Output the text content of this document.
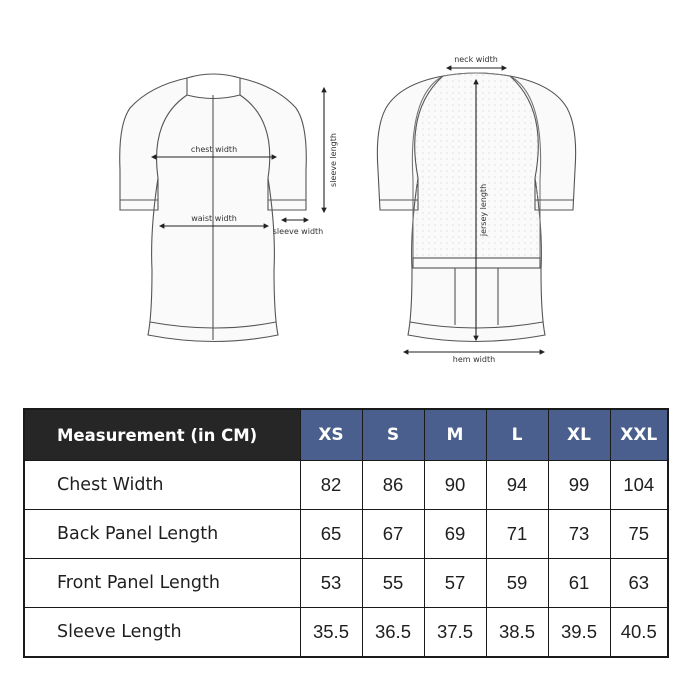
chest width
waist width
sleeve width
sleeve length
neck width
hem width
jersey length
Measurement (in CM)	XS	S	M	L	XL	XXL
Chest Width	82	86	90	94	99	104
Back Panel Length	65	67	69	71	73	75
Front Panel Length	53	55	57	59	61	63
Sleeve Length	35.5	36.5	37.5	38.5	39.5	40.5
